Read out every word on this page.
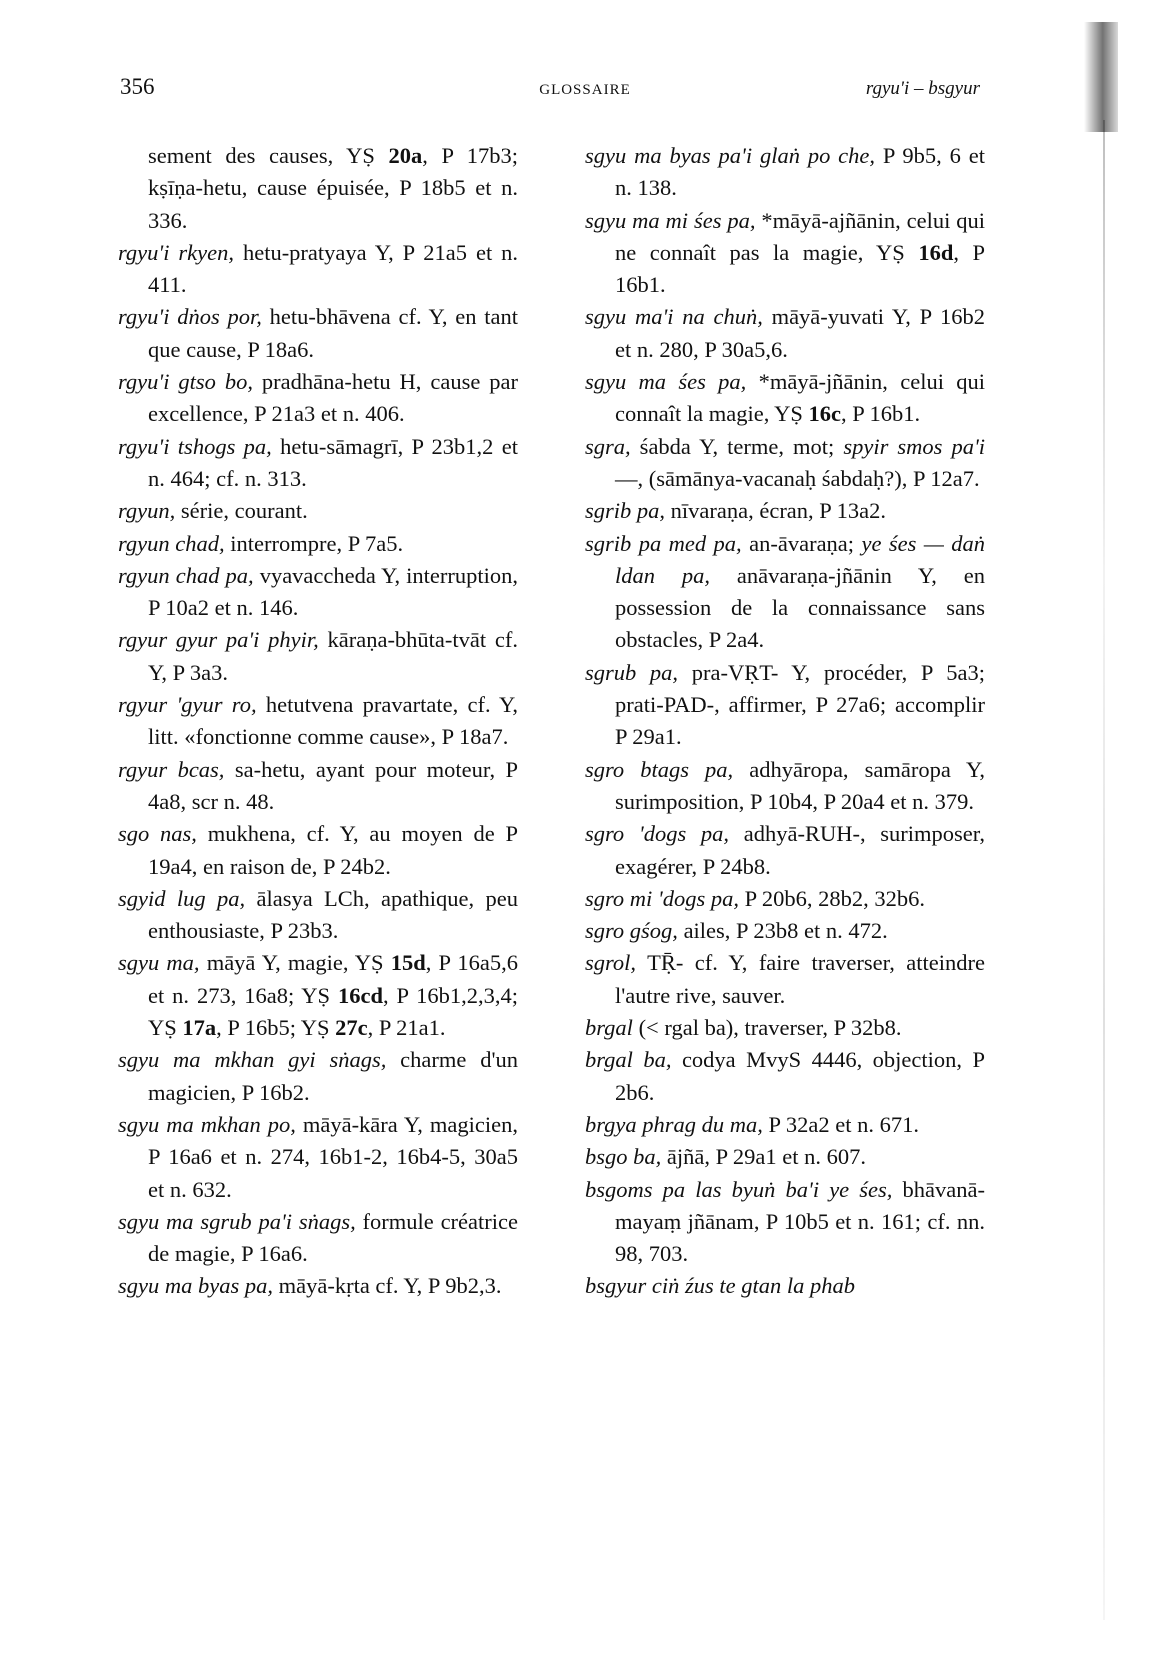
356	GLOSSAIRE	rgyu'i – bsgyur

sement des causes, YṢ 20a, P 17b3; kṣīṇa-hetu, cause épuisée, P 18b5 et n. 336.

rgyu'i rkyen, hetu-pratyaya Y, P 21a5 et n. 411.

rgyu'i dṅos por, hetu-bhāvena cf. Y, en tant que cause, P 18a6.

rgyu'i gtso bo, pradhāna-hetu H, cause par excellence, P 21a3 et n. 406.

rgyu'i tshogs pa, hetu-sāmagrī, P 23b1,2 et n. 464; cf. n. 313.

rgyun, série, courant.

rgyun chad, interrompre, P 7a5.

rgyun chad pa, vyavaccheda Y, interruption, P 10a2 et n. 146.

rgyur gyur pa'i phyir, kāraṇa-bhūta-tvāt cf. Y, P 3a3.

rgyur 'gyur ro, hetutvena pravartate, cf. Y, litt. «fonctionne comme cause», P 18a7.

rgyur bcas, sa-hetu, ayant pour moteur, P 4a8, scr n. 48.

sgo nas, mukhena, cf. Y, au moyen de P 19a4, en raison de, P 24b2.

sgyid lug pa, ālasya LCh, apathique, peu enthousiaste, P 23b3.

sgyu ma, māyā Y, magie, YṢ 15d, P 16a5,6 et n. 273, 16a8; YṢ 16cd, P 16b1,2,3,4; YṢ 17a, P 16b5; YṢ 27c, P 21a1.

sgyu ma mkhan gyi sṅags, charme d'un magicien, P 16b2.

sgyu ma mkhan po, māyā-kāra Y, magicien, P 16a6 et n. 274, 16b1-2, 16b4-5, 30a5 et n. 632.

sgyu ma sgrub pa'i sṅags, formule créatrice de magie, P 16a6.

sgyu ma byas pa, māyā-kṛta cf. Y, P 9b2,3.

sgyu ma byas pa'i glaṅ po che, P 9b5, 6 et n. 138.

sgyu ma mi śes pa, *māyā-ajñānin, celui qui ne connaît pas la magie, YṢ 16d, P 16b1.

sgyu ma'i na chuṅ, māyā-yuvati Y, P 16b2 et n. 280, P 30a5,6.

sgyu ma śes pa, *māyā-jñānin, celui qui connaît la magie, YṢ 16c, P 16b1.

sgra, śabda Y, terme, mot; spyir smos pa'i —, (sāmānya-vacanaḥ śabdaḥ?), P 12a7.

sgrib pa, nīvaraṇa, écran, P 13a2.

sgrib pa med pa, an-āvaraṇa; ye śes — daṅ ldan pa, anāvaraṇa-jñānin Y, en possession de la connaissance sans obstacles, P 2a4.

sgrub pa, pra-VṚT- Y, procéder, P 5a3; prati-PAD-, affirmer, P 27a6; accomplir P 29a1.

sgro btags pa, adhyāropa, samāropa Y, surimposition, P 10b4, P 20a4 et n. 379.

sgro 'dogs pa, adhyā-RUH-, surimposer, exagérer, P 24b8.

sgro mi 'dogs pa, P 20b6, 28b2, 32b6.

sgro gśog, ailes, P 23b8 et n. 472.

sgrol, TṜ- cf. Y, faire traverser, atteindre l'autre rive, sauver.

brgal (< rgal ba), traverser, P 32b8.

brgal ba, codya MvyS 4446, objection, P 2b6.

brgya phrag du ma, P 32a2 et n. 671.

bsgo ba, ājñā, P 29a1 et n. 607.

bsgoms pa las byuṅ ba'i ye śes, bhāvanā-mayaṃ jñānam, P 10b5 et n. 161; cf. nn. 98, 703.

bsgyur ciṅ źus te gtan la phab
